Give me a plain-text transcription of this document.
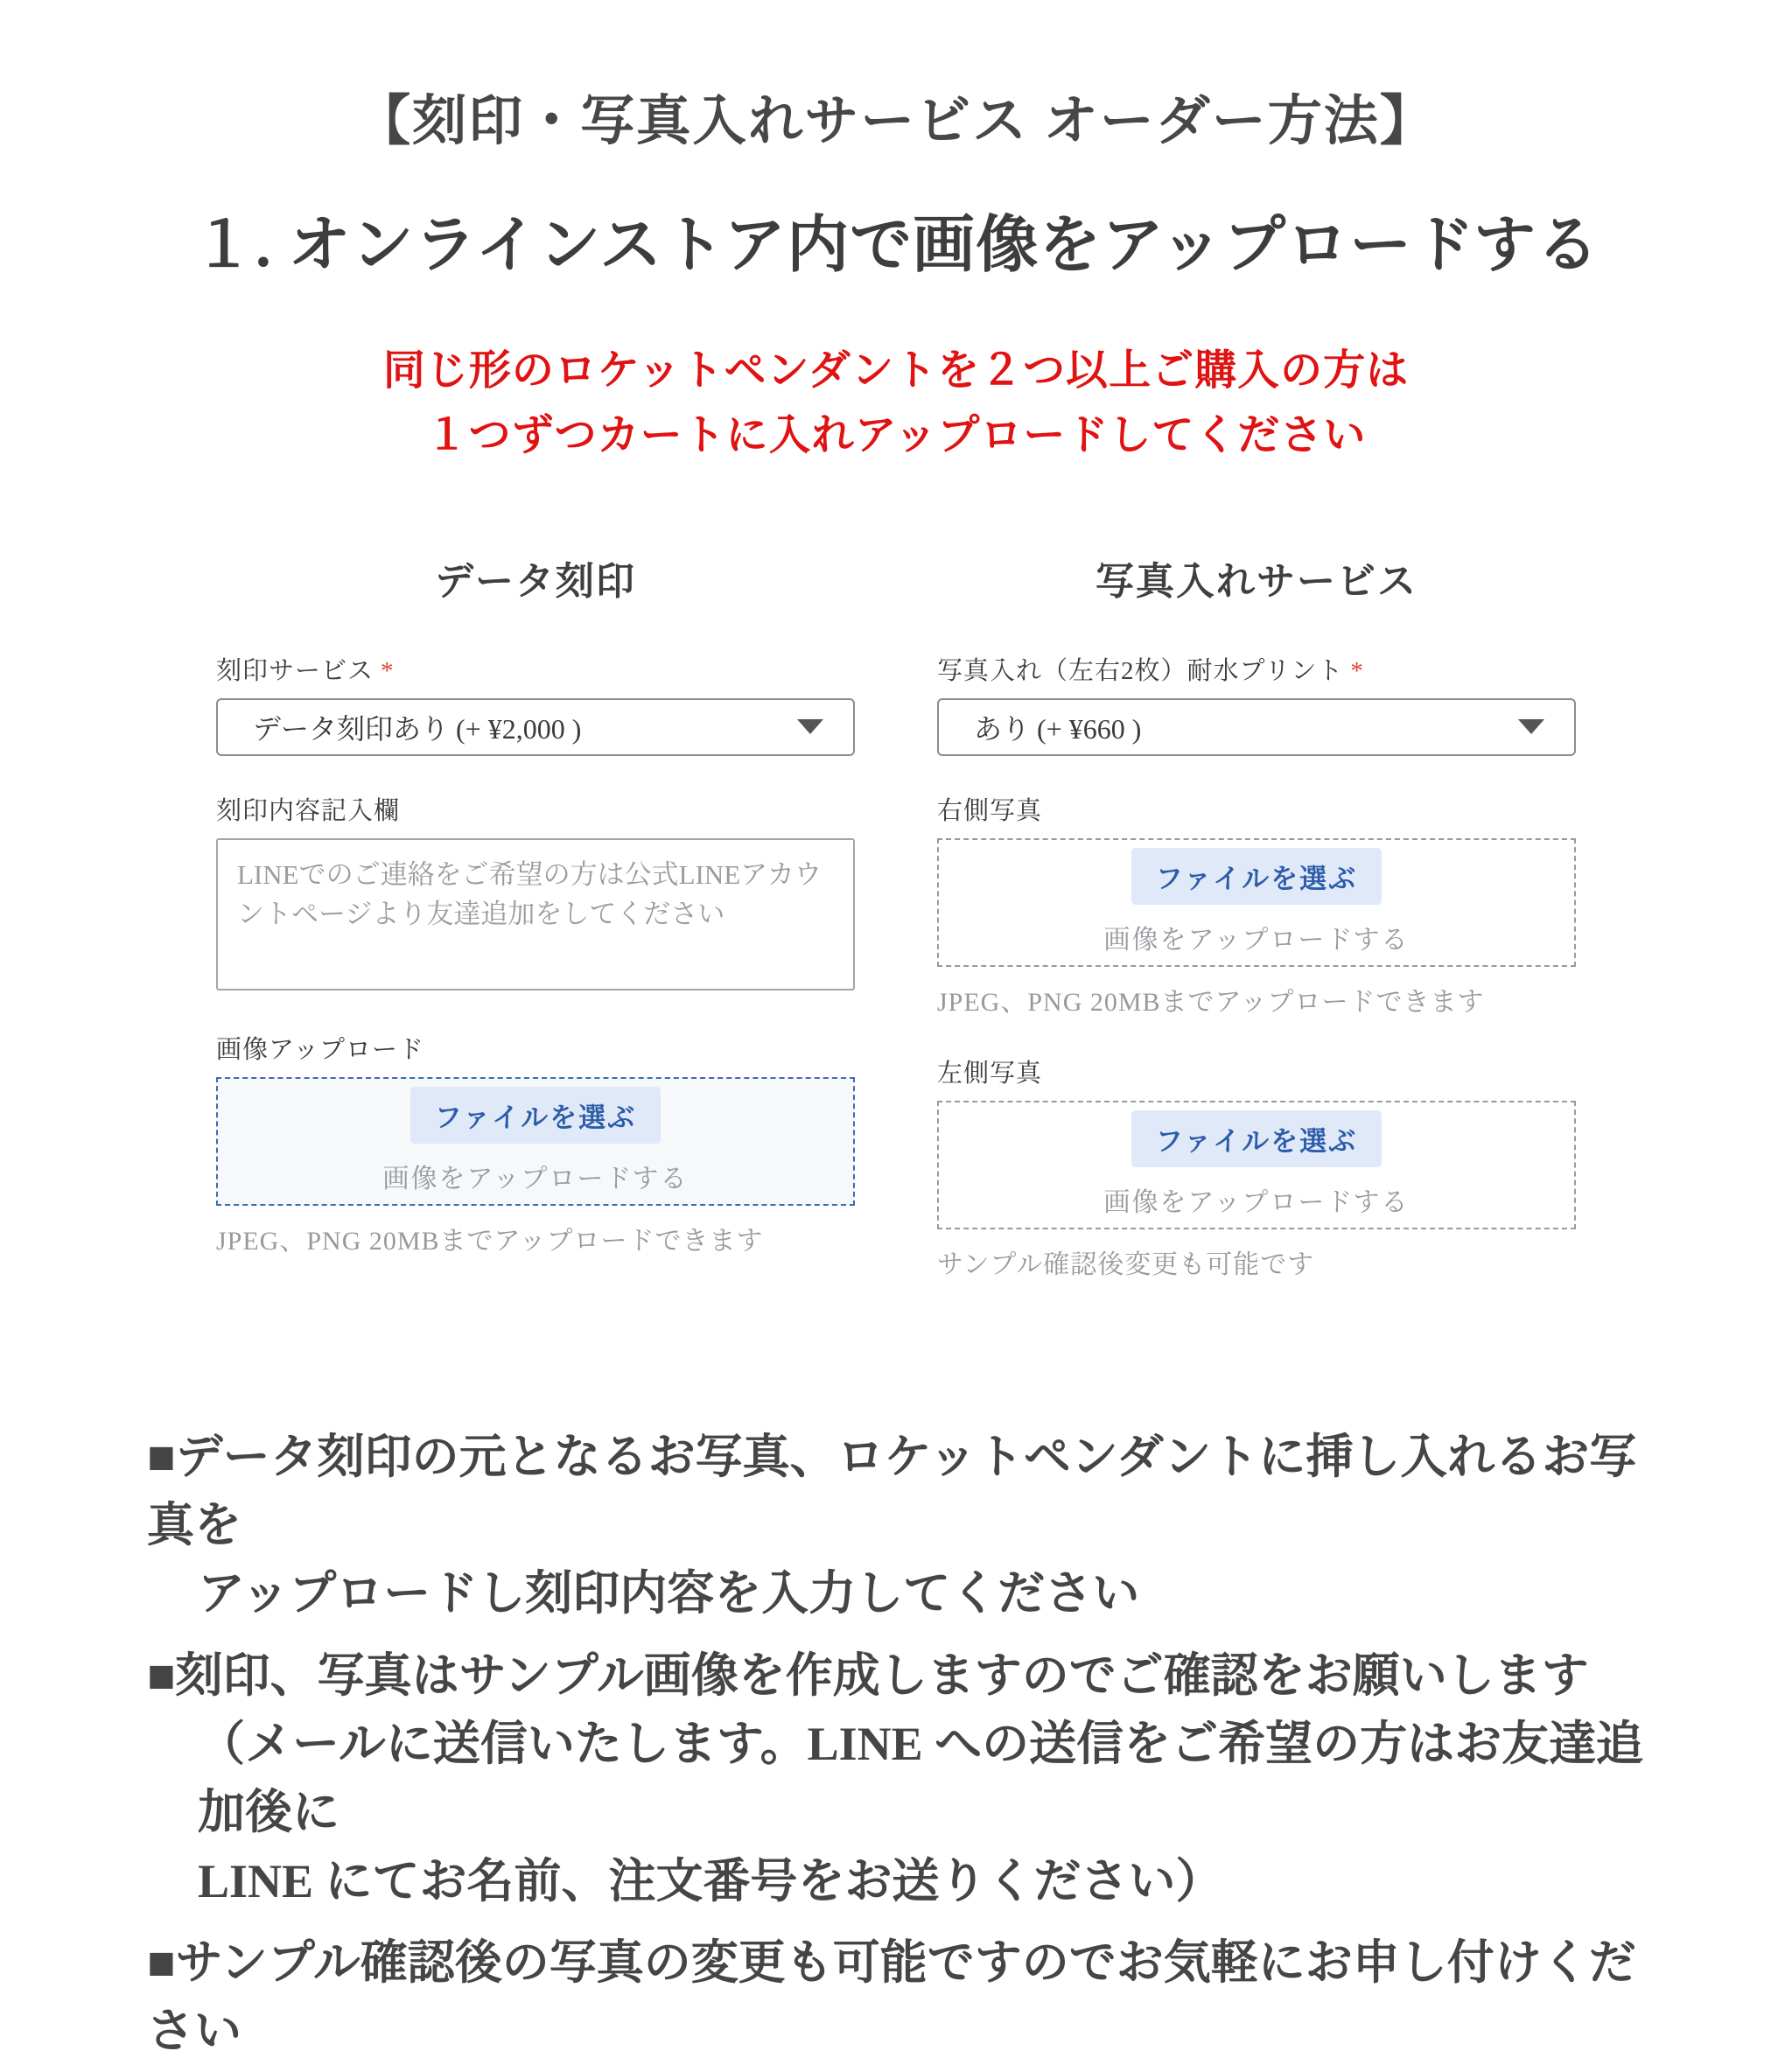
【刻印・写真入れサービス オーダー方法】
１. オンラインストア内で画像をアップロードする

同じ形のロケットペンダントを２つ以上ご購入の方は
１つずつカートに入れアップロードしてください

データ刻印
刻印サービス *
データ刻印あり (+ ¥2,000 )
刻印内容記入欄
LINEでのご連絡をご希望の方は公式LINEアカウントページより友達追加をしてください
画像アップロード
ファイルを選ぶ
画像をアップロードする
JPEG、PNG 20MBまでアップロードできます
写真入れサービス
写真入れ（左右2枚）耐水プリント *
あり (+ ¥660 )
右側写真
ファイルを選ぶ
画像をアップロードする
JPEG、PNG 20MBまでアップロードできます
左側写真
ファイルを選ぶ
画像をアップロードする
サンプル確認後変更も可能です

■データ刻印の元となるお写真、ロケットペンダントに挿し入れるお写真を
アップロードし刻印内容を入力してください

■刻印、写真はサンプル画像を作成しますのでご確認をお願いします
（メールに送信いたします。LINE への送信をご希望の方はお友達追加後に
LINE にてお名前、注文番号をお送りください）

■サンプル確認後の写真の変更も可能ですのでお気軽にお申し付けください
